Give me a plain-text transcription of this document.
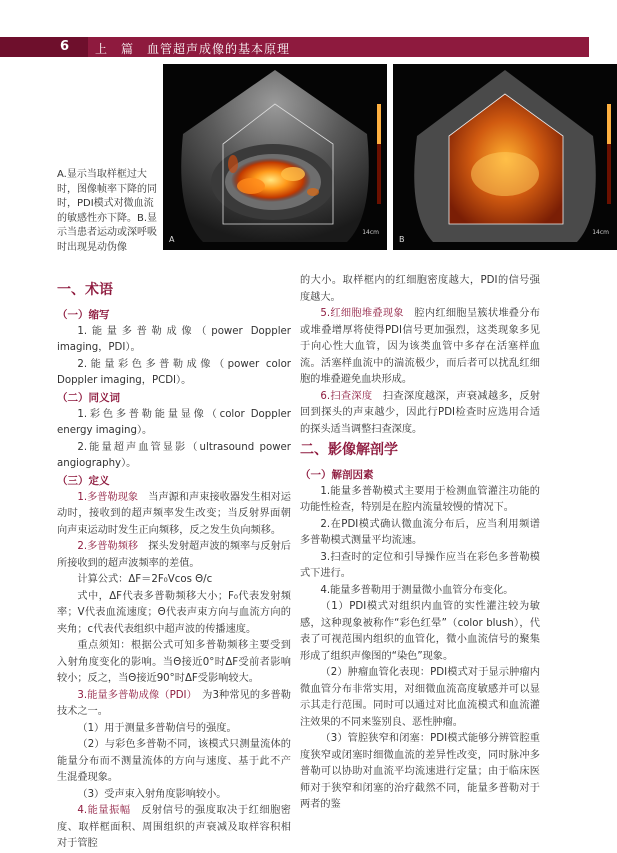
6 上　篇　血管超声成像的基本原理
A
14cm
B
14cm
A.显示当取样框过大时，图像帧率下降的同时，PDI模式对微血流的敏感性亦下降。B.显示当患者运动或深呼吸时出现晃动伪像

一、术语

（一）缩写

1.能量多普勒成像（power Doppler imaging，PDI）。

2.能量彩色多普勒成像（power color Doppler imaging，PCDI）。

（二）同义词

1.彩色多普勒能量显像（color Doppler energy imaging）。

2.能量超声血管显影（ultrasound power angiography）。

（三）定义

1.多普勒现象　当声源和声束接收器发生相对运动时，接收到的超声频率发生改变；当反射界面朝向声束运动时发生正向频移，反之发生负向频移。

2.多普勒频移　探头发射超声波的频率与反射后所接收到的超声波频率的差值。

计算公式：ΔF＝2F₀Vcos Θ/c

式中，ΔF代表多普勒频移大小；F₀代表发射频率；V代表血流速度；Θ代表声束方向与血流方向的夹角；c代表代表组织中超声波的传播速度。

重点须知：根据公式可知多普勒频移主要受到入射角度变化的影响。当Θ接近0°时ΔF受前者影响较小；反之，当Θ接近90°时ΔF受影响较大。

3.能量多普勒成像（PDI）　为3种常见的多普勒技术之一。

（1）用于测量多普勒信号的强度。

（2）与彩色多普勒不同，该模式只测量流体的能量分布而不测量流体的方向与速度、基于此不产生混叠现象。

（3）受声束入射角度影响较小。

4.能量振幅　反射信号的强度取决于红细胞密度、取样框面积、周围组织的声衰减及取样容积相对于管腔

的大小。取样框内的红细胞密度越大，PDI的信号强度越大。

5.红细胞堆叠现象　腔内红细胞呈簇状堆叠分布或堆叠增厚将使得PDI信号更加强烈，这类现象多见于向心性大血管，因为该类血管中多存在活塞样血流。活塞样血流中的湍流极少，而后者可以扰乱红细胞的堆叠避免血块形成。

6.扫查深度　扫查深度越深，声衰减越多，反射回到探头的声束越少，因此行PDI检查时应选用合适的探头适当调整扫查深度。

二、影像解剖学

（一）解剖因素

1.能量多普勒模式主要用于检测血管灌注功能的功能性检查，特别是在腔内流量较慢的情况下。

2.在PDI模式确认微血流分布后，应当利用频谱多普勒模式测量平均流速。

3.扫查时的定位和引导操作应当在彩色多普勒模式下进行。

4.能量多普勒用于测量微小血管分布变化。

（1）PDI模式对组织内血管的实性灌注较为敏感，这种现象被称作“彩色红晕”（color blush），代表了可视范围内组织的血管化，微小血流信号的聚集形成了组织声像图的“染色”现象。

（2）肿瘤血管化表现：PDI模式对于显示肿瘤内微血管分布非常实用，对细微血流高度敏感并可以显示其走行范围。同时可以通过对比血流模式和血流灌注效果的不同来鉴别良、恶性肿瘤。

（3）管腔狭窄和闭塞：PDI模式能够分辨管腔重度狭窄或闭塞时细微血流的差异性改变，同时脉冲多普勒可以协助对血流平均流速进行定量；由于临床医师对于狭窄和闭塞的治疗截然不同，能量多普勒对于两者的鉴
